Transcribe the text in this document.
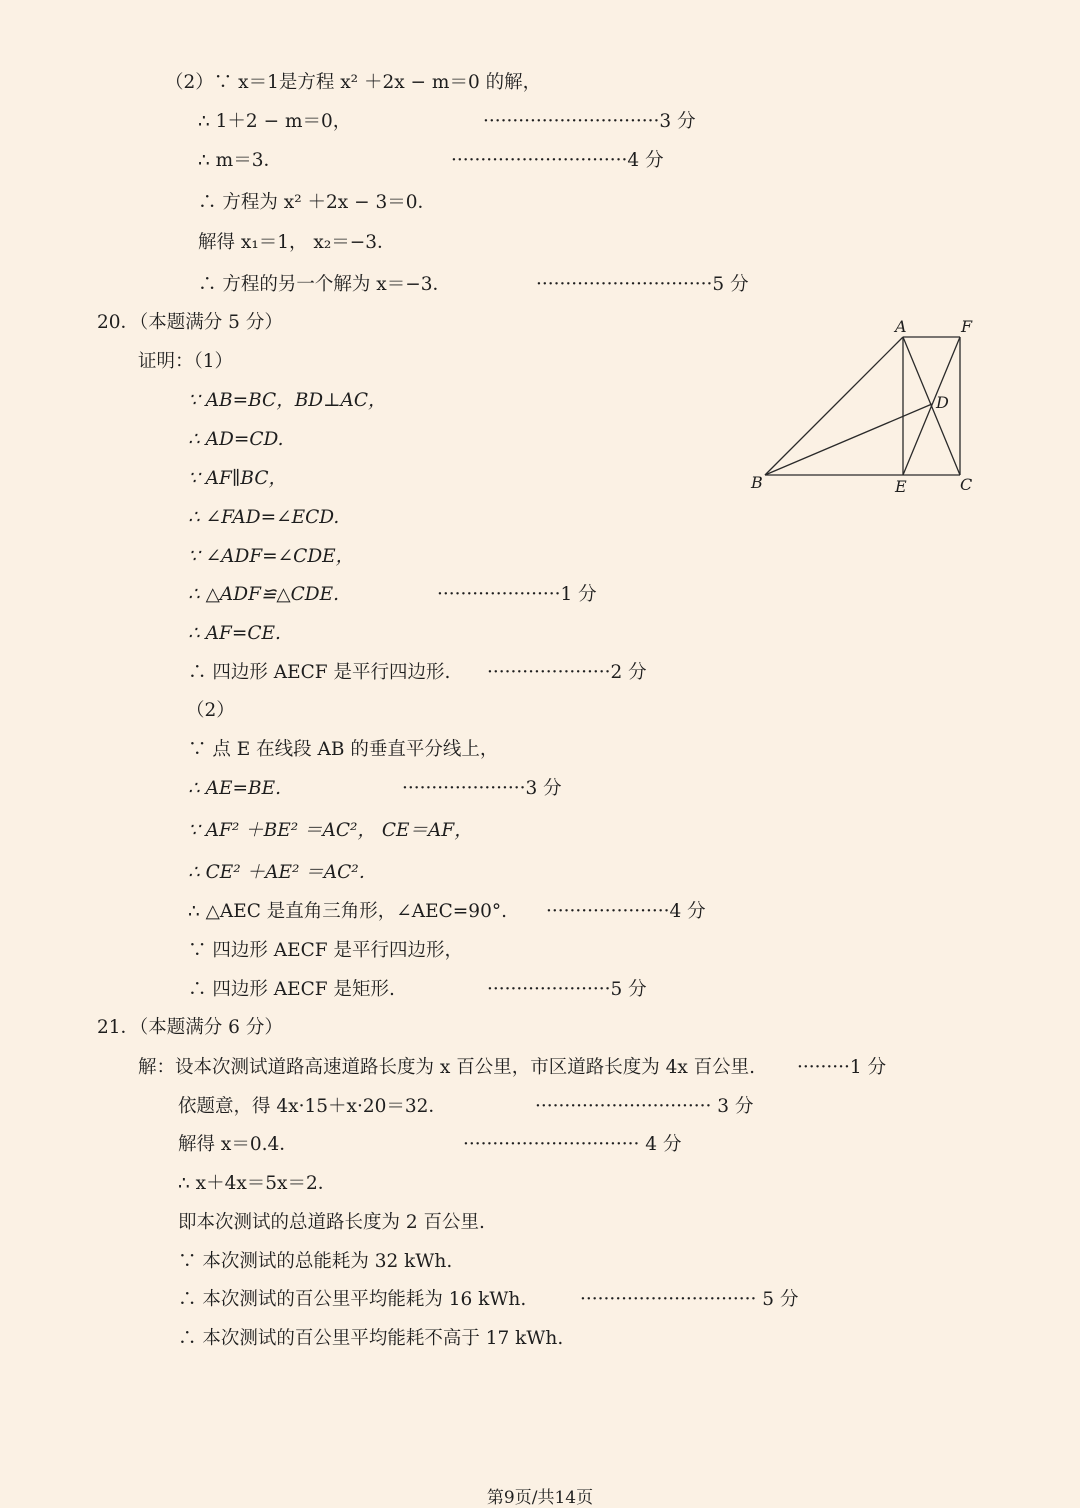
（2）∵ x＝1是方程 x² ＋2x − m＝0 的解，
∴ 1＋2 − m＝0，	······························3 分
∴ m＝3．	······························4 分
∴ 方程为 x² ＋2x − 3＝0．
解得 x₁＝1， x₂＝−3．
∴ 方程的另一个解为 x＝−3．	······························5 分
20．（本题满分 5 分）
证明：（1）
∵ AB=BC，BD⊥AC，
∴ AD=CD.
∵ AF∥BC，
∴ ∠FAD=∠ECD.
∵ ∠ADF=∠CDE，
∴ △ADF≌△CDE.	·····················1 分
∴ AF=CE.
∴ 四边形 AECF 是平行四边形. ·····················2 分
（2）
∵ 点 E 在线段 AB 的垂直平分线上，
∴ AE=BE.	·····················3 分
∵ AF² ＋BE² ＝AC²， CE＝AF，
∴ CE² ＋AE² ＝AC²．
∴ △AEC 是直角三角形，∠AEC=90°. ·····················4 分
∵ 四边形 AECF 是平行四边形，
∴ 四边形 AECF 是矩形.	·····················5 分
21．（本题满分 6 分）
解：设本次测试道路高速道路长度为 x 百公里，市区道路长度为 4x 百公里. ·········1 分
依题意，得 4x·15＋x·20＝32．	······························ 3 分
解得 x＝0.4．	······························ 4 分
∴ x＋4x＝5x＝2．
即本次测试的总道路长度为 2 百公里.
∵ 本次测试的总能耗为 32 kWh.
∴ 本次测试的百公里平均能耗为 16 kWh.	······························ 5 分
∴ 本次测试的百公里平均能耗不高于 17 kWh.
A	F
D
B	E	C
第9页/共14页
